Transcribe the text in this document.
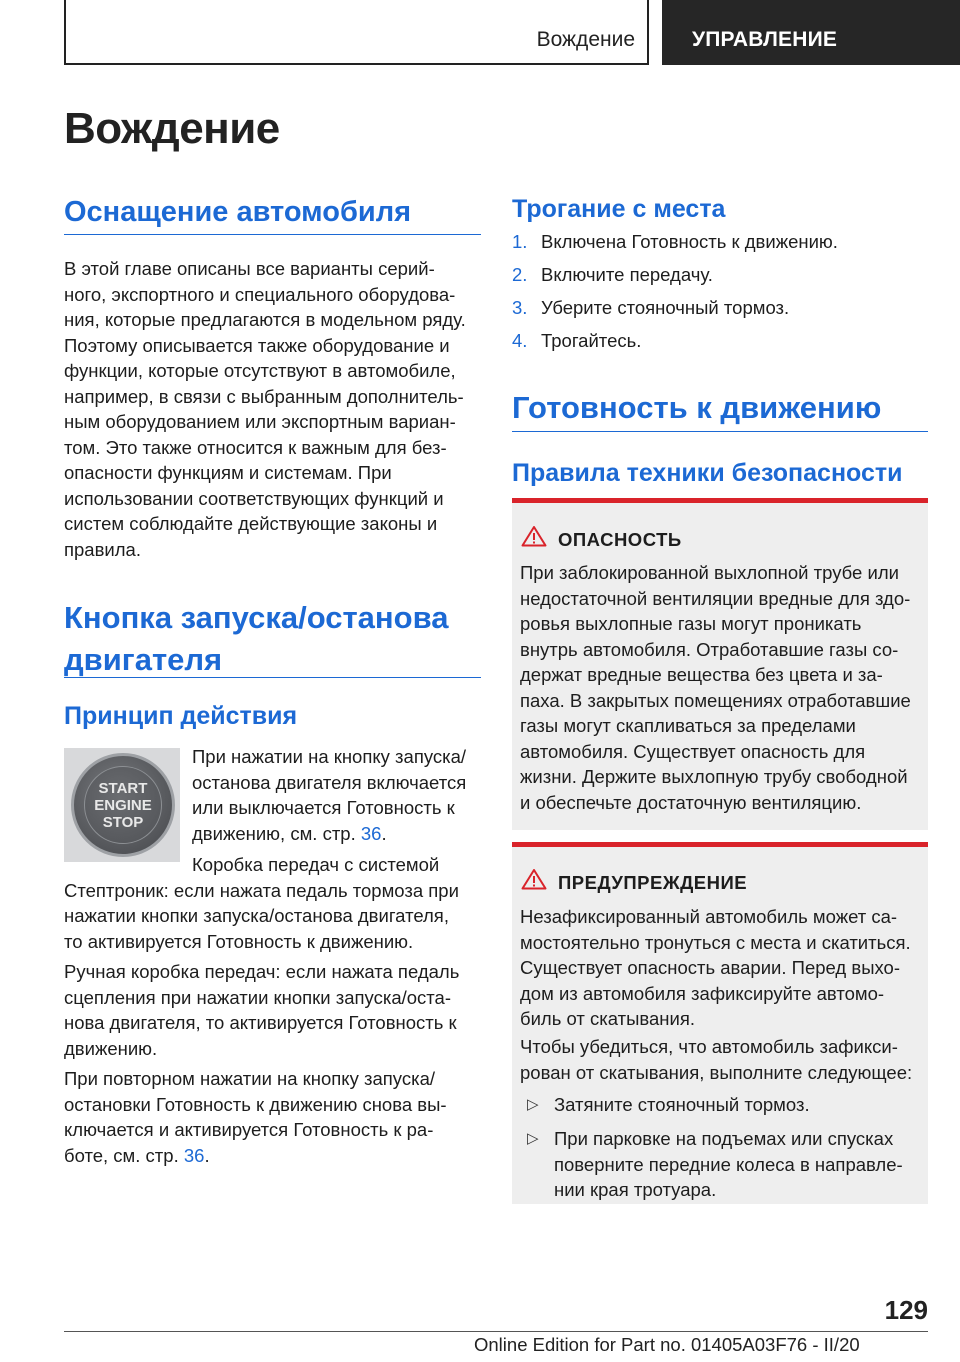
Вождение	УПРАВЛЕНИЕ
Вождение
Оснащение автомобиля
В этой главе описаны все варианты серий-
ного, экспортного и специального оборудова-
ния, которые предлагаются в модельном ряду.
Поэтому описывается также оборудование и
функции, которые отсутствуют в автомобиле,
например, в связи с выбранным дополнитель-
ным оборудованием или экспортным вариан-
том. Это также относится к важным для без-
опасности функциям и системам. При
использовании соответствующих функций и
систем соблюдайте действующие законы и
правила.
Кнопка запуска/останова
двигателя
Принцип действия
START
ENGINE
STOP
При нажатии на кнопку запуска/
останова двигателя включается
или выключается Готовность к
движению, см. стр. 36.
Коробка передач с системой
Стептроник: если нажата педаль тормоза при
нажатии кнопки запуска/останова двигателя,
то активируется Готовность к движению.
Ручная коробка передач: если нажата педаль
сцепления при нажатии кнопки запуска/оста-
нова двигателя, то активируется Готовность к
движению.
При повторном нажатии на кнопку запуска/
остановки Готовность к движению снова вы-
ключается и активируется Готовность к ра-
боте, см. стр. 36.
Трогание с места
1. Включена Готовность к движению.
2. Включите передачу.
3. Уберите стояночный тормоз.
4. Трогайтесь.
Готовность к движению
Правила техники безопасности
ОПАСНОСТЬ
При заблокированной выхлопной трубе или
недостаточной вентиляции вредные для здо-
ровья выхлопные газы могут проникать
внутрь автомобиля. Отработавшие газы со-
держат вредные вещества без цвета и за-
паха. В закрытых помещениях отработавшие
газы могут скапливаться за пределами
автомобиля. Существует опасность для
жизни. Держите выхлопную трубу свободной
и обеспечьте достаточную вентиляцию.
ПРЕДУПРЕЖДЕНИЕ
Незафиксированный автомобиль может са-
мостоятельно тронуться с места и скатиться.
Существует опасность аварии. Перед выхо-
дом из автомобиля зафиксируйте автомо-
биль от скатывания.
Чтобы убедиться, что автомобиль зафикси-
рован от скатывания, выполните следующее:
▷ Затяните стояночный тормоз.
▷ При парковке на подъемах или спусках
поверните передние колеса в направле-
нии края тротуара.
129
Online Edition for Part no. 01405A03F76 - II/20
